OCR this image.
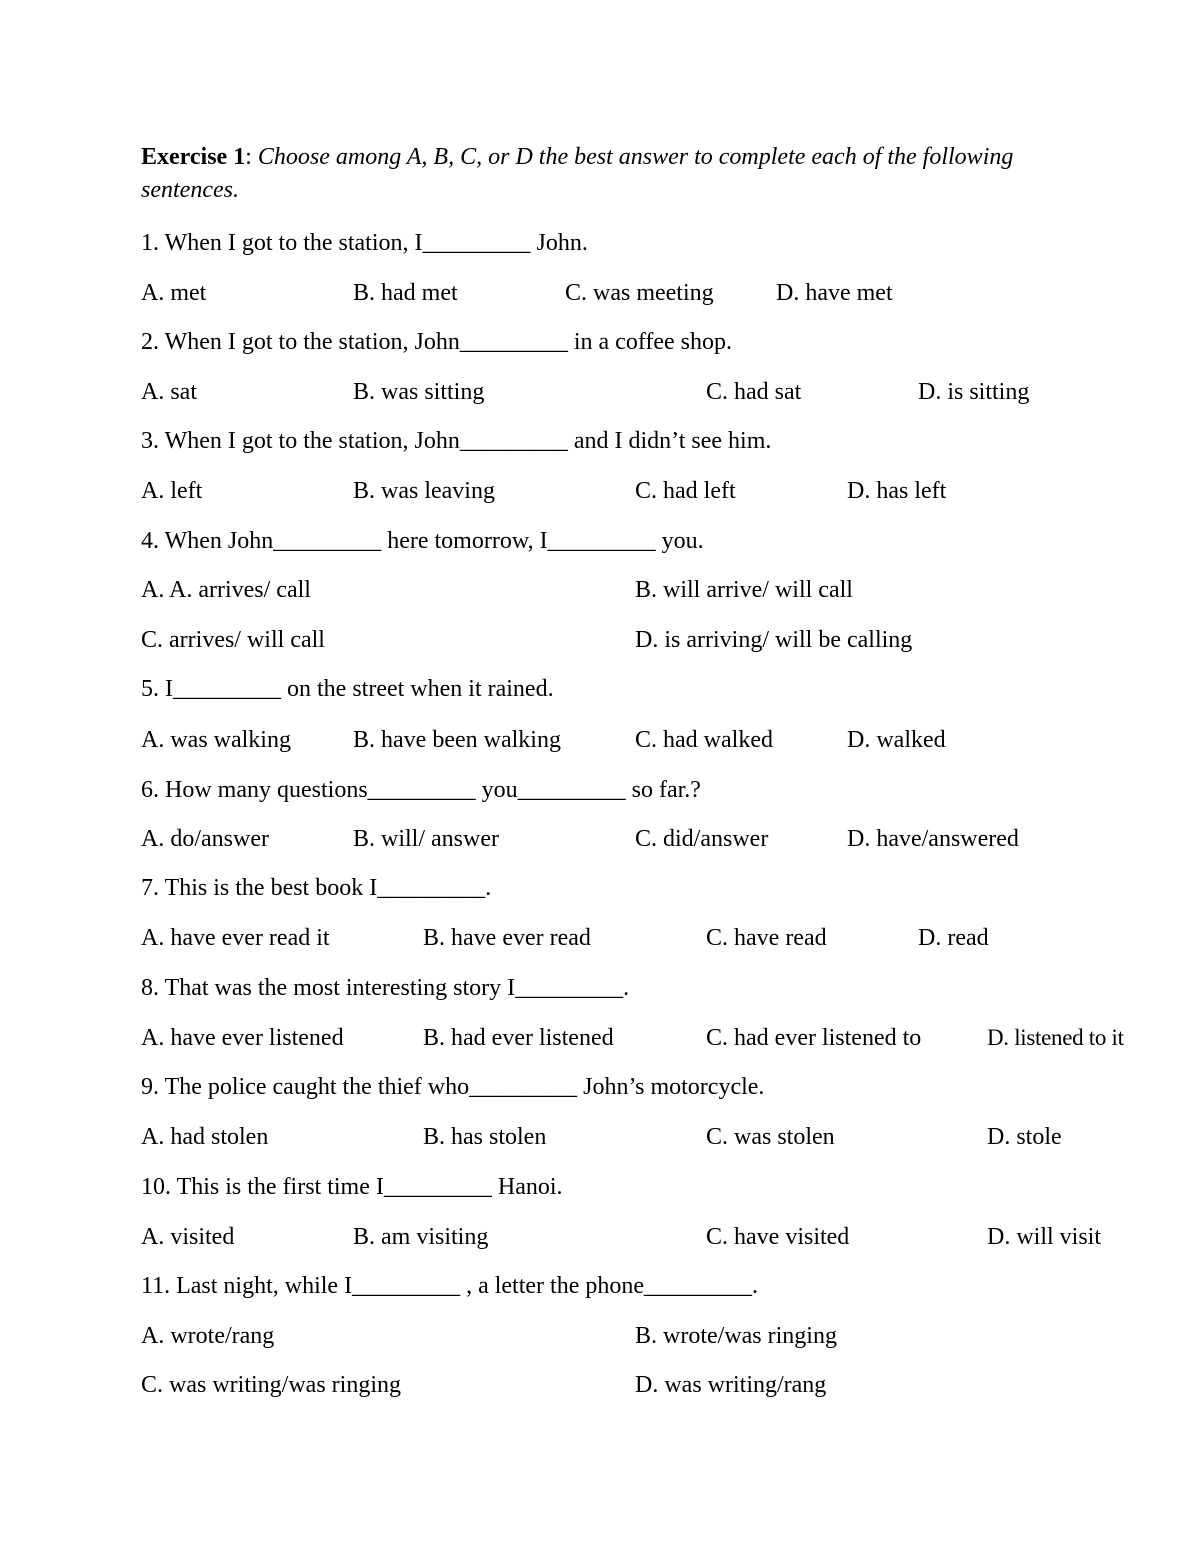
Exercise 1: Choose among A, B, C, or D the best answer to complete each of the following sentences.
1. When I got to the station, I_________ John.
A. met	B. had met	C. was meeting	D. have met
2. When I got to the station, John_________ in a coffee shop.
A. sat	B. was sitting	C. had sat	D. is sitting
3. When I got to the station, John_________ and I didn’t see him.
A. left	B. was leaving	C. had left	D. has left
4. When John_________ here tomorrow, I_________ you.
A. A. arrives/ call	B. will arrive/ will call
C. arrives/ will call	D. is arriving/ will be calling
5. I_________ on the street when it rained.
A. was walking	B. have been walking	C. had walked	D. walked
6. How many questions_________ you_________ so far.?
A. do/answer	B. will/ answer	C. did/answer	D. have/answered
7. This is the best book I_________.
A. have ever read it	B. have ever read	C. have read	D. read
8. That was the most interesting story I_________.
A. have ever listened	B. had ever listened	C. had ever listened to	D. listened to it
9. The police caught the thief who_________ John’s motorcycle.
A. had stolen	B. has stolen	C. was stolen	D. stole
10. This is the first time I_________ Hanoi.
A. visited	B. am visiting	C. have visited	D. will visit
11. Last night, while I_________ , a letter the phone_________.
A. wrote/rang	B. wrote/was ringing
C. was writing/was ringing	D. was writing/rang
